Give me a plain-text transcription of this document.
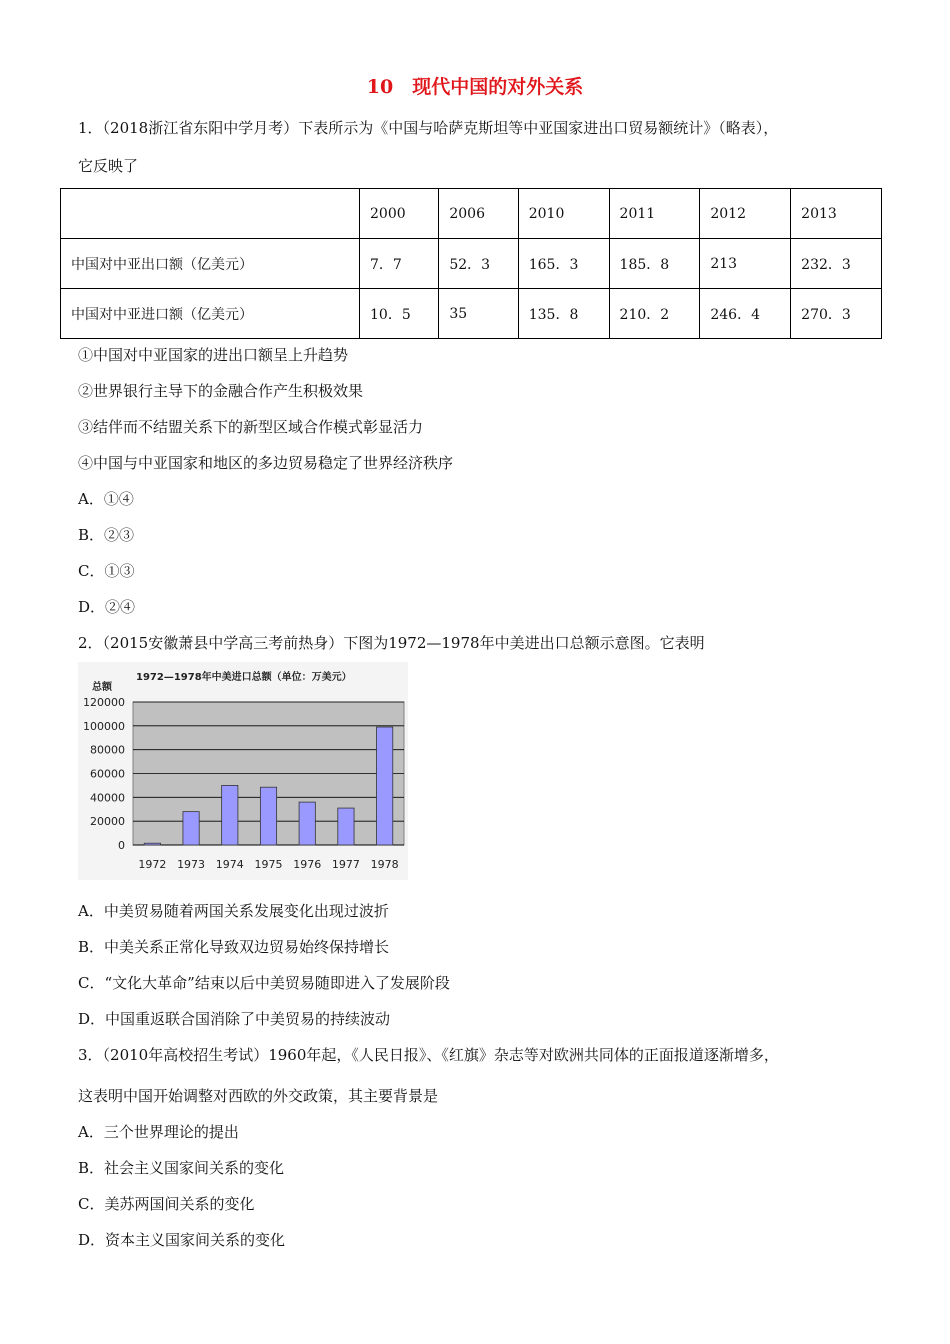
10　现代中国的对外关系
1．（2018浙江省东阳中学月考）下表所示为《中国与哈萨克斯坦等中亚国家进出口贸易额统计》（略表），
它反映了
	2000	2006	2010	2011	2012	2013
中国对中亚出口额（亿美元）	7．7	52．3	165．3	185．8	213	232．3
中国对中亚进口额（亿美元）	10．5	35	135．8	210．2	246．4	270．3
①中国对中亚国家的进出口额呈上升趋势
②世界银行主导下的金融合作产生积极效果
③结伴而不结盟关系下的新型区域合作模式彰显活力
④中国与中亚国家和地区的多边贸易稳定了世界经济秩序
A．①④
B．②③
C．①③
D．②④
2．（2015安徽萧县中学高三考前热身）下图为1972—1978年中美进出口总额示意图。它表明
1972—1978年中美进口总额（单位：万美元）
总额
120000
100000
80000
60000
40000
20000
0
1972 1973 1974 1975 1976 1977 1978
A．中美贸易随着两国关系发展变化出现过波折
B．中美关系正常化导致双边贸易始终保持增长
C．“文化大革命”结束以后中美贸易随即进入了发展阶段
D．中国重返联合国消除了中美贸易的持续波动
3．（2010年高校招生考试）1960年起，《人民日报》、《红旗》杂志等对欧洲共同体的正面报道逐渐增多，
这表明中国开始调整对西欧的外交政策，其主要背景是
A．三个世界理论的提出
B．社会主义国家间关系的变化
C．美苏两国间关系的变化
D．资本主义国家间关系的变化
